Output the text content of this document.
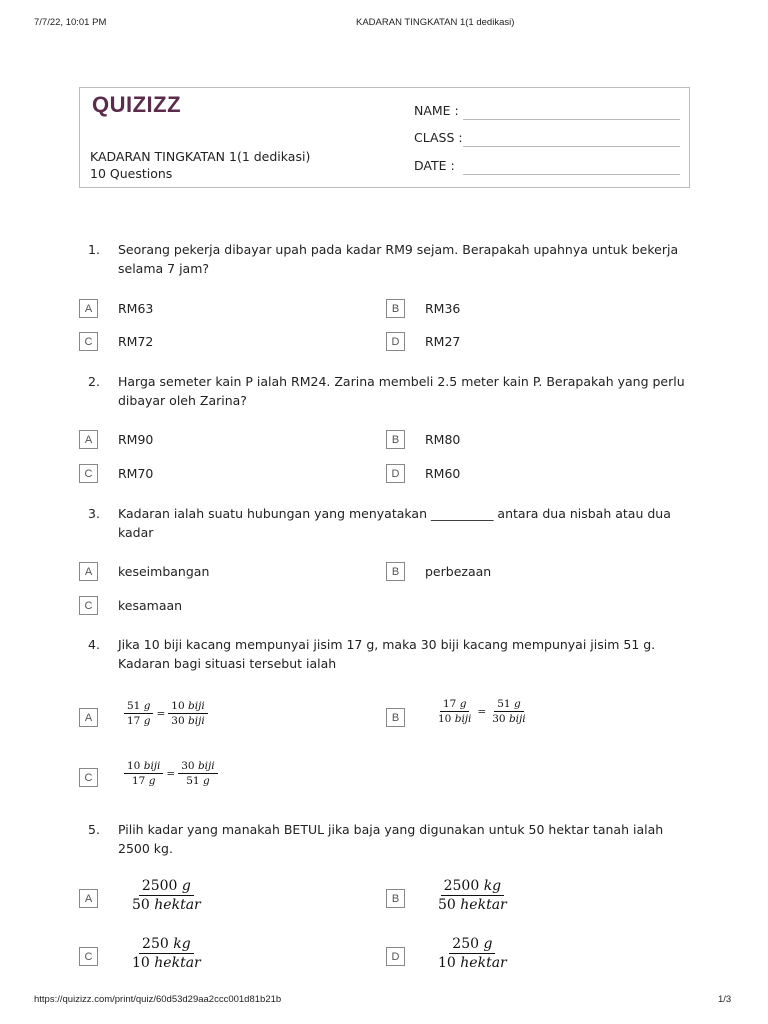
7/7/22, 10:01 PM	KADARAN TINGKATAN 1(1 dedikasi)
QUIZIZZ
KADARAN TINGKATAN 1(1 dedikasi)
10 Questions
NAME :
CLASS :
DATE :
1. Seorang pekerja dibayar upah pada kadar RM9 sejam. Berapakah upahnya untuk bekerja selama 7 jam?
A	RM63	B	RM36
C	RM72	D	RM27
2. Harga semeter kain P ialah RM24. Zarina membeli 2.5 meter kain P. Berapakah yang perlu dibayar oleh Zarina?
A	RM90	B	RM80
C	RM70	D	RM60
3. Kadaran ialah suatu hubungan yang menyatakan __________ antara dua nisbah atau dua kadar
A	keseimbangan	B	perbezaan
C	kesamaan
4. Jika 10 biji kacang mempunyai jisim 17 g, maka 30 biji kacang mempunyai jisim 51 g. Kadaran bagi situasi tersebut ialah
A	$\frac{51 g}{17 g}$ =
10 biji
30 biji	B
17 g
10 biji
=
51 g
30 biji
C
10 biji
17 g
=
30 biji
51 g
5. Pilih kadar yang manakah BETUL jika baja yang digunakan untuk 50 hektar tanah ialah 2500 kg.
A
2500 g
50 hektar	B
2500 kg
50 hektar
C
250 kg
10 hektar	D
250 g
10 hektar
https://quizizz.com/print/quiz/60d53d29aa2ccc001d81b21b	1/3
